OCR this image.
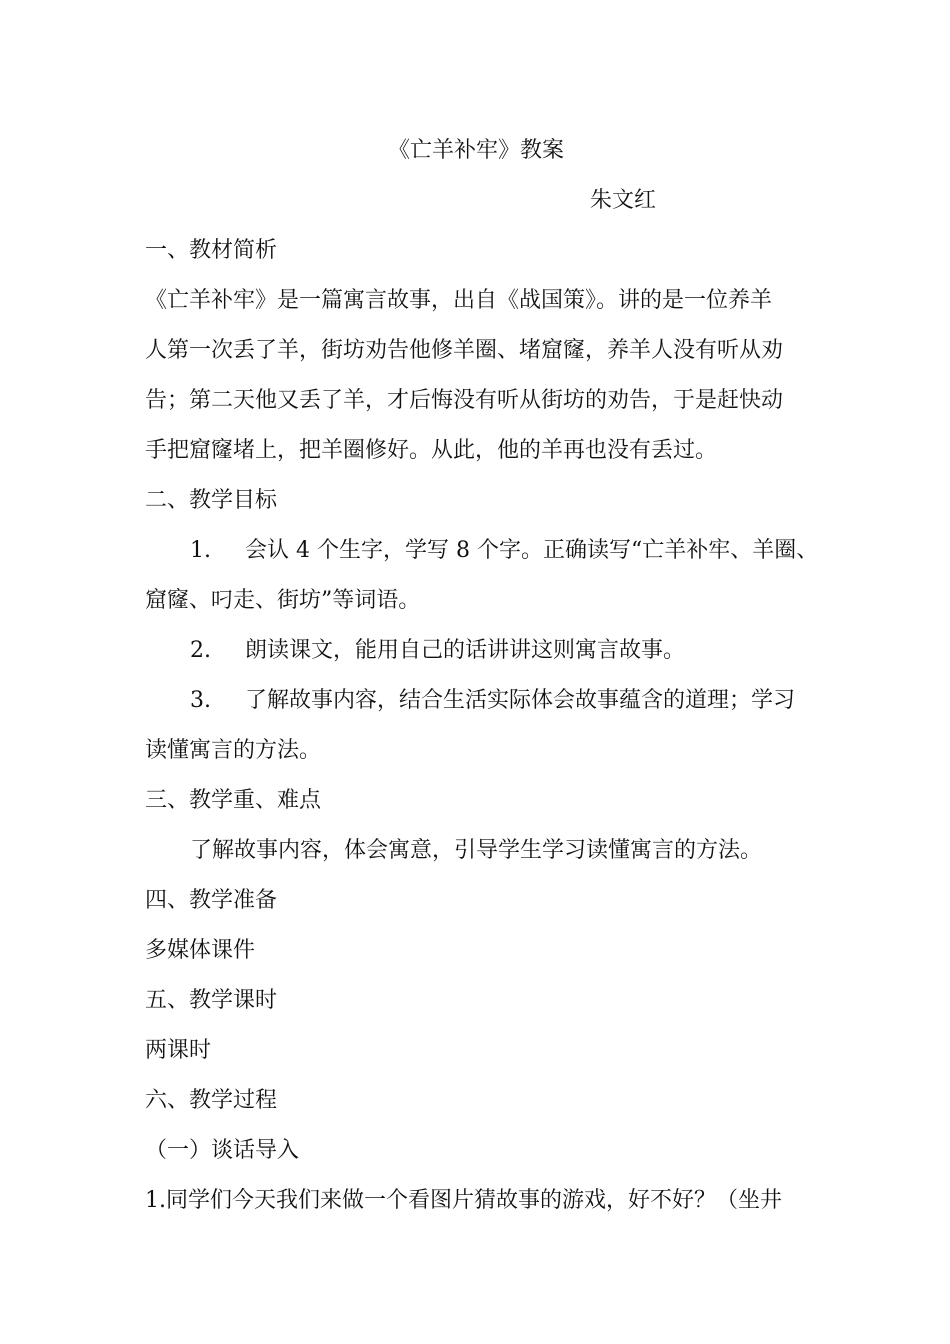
《亡羊补牢》教案
朱文红
一、教材简析
《亡羊补牢》是一篇寓言故事，出自《战国策》。讲的是一位养羊
人第一次丢了羊，街坊劝告他修羊圈、堵窟窿，养羊人没有听从劝
告；第二天他又丢了羊，才后悔没有听从街坊的劝告，于是赶快动
手把窟窿堵上，把羊圈修好。从此，他的羊再也没有丢过。
二、教学目标
1. 会认 4 个生字，学写 8 个字。正确读写“亡羊补牢、羊圈、
窟窿、叼走、街坊”等词语。
2. 朗读课文，能用自己的话讲讲这则寓言故事。
3. 了解故事内容，结合生活实际体会故事蕴含的道理；学习
读懂寓言的方法。
三、教学重、难点
了解故事内容，体会寓意，引导学生学习读懂寓言的方法。
四、教学准备
多媒体课件
五、教学课时
两课时
六、教学过程
（一）谈话导入
1.同学们今天我们来做一个看图片猜故事的游戏，好不好？（坐井
